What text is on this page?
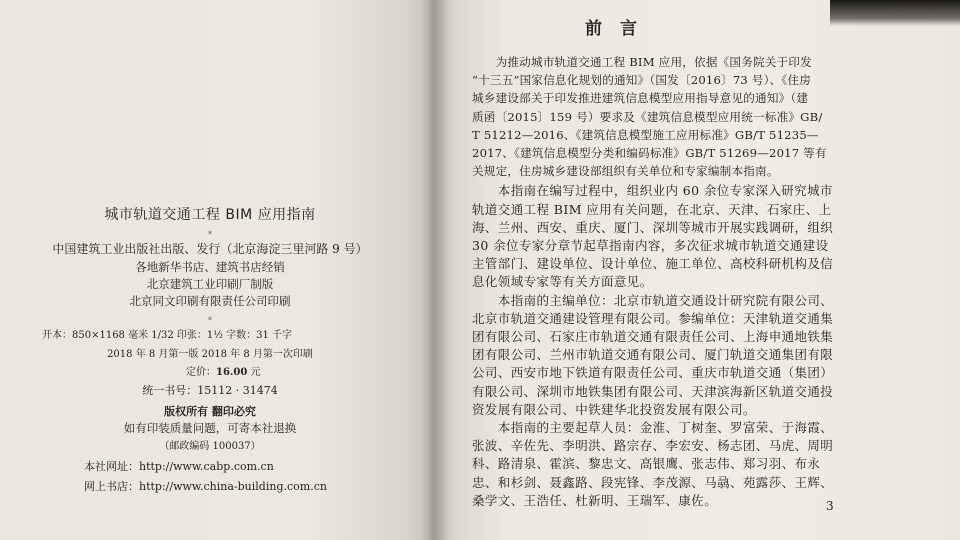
城市轨道交通工程 BIM 应用指南
*
中国建筑工业出版社出版、发行（北京海淀三里河路 9 号）
各地新华书店、建筑书店经销
北京建筑工业印刷厂制版
北京同文印刷有限责任公司印刷
*
开本：850×1168 毫米 1/32 印张：1½ 字数：31 千字
2018 年 8 月第一版 2018 年 8 月第一次印刷
定价：16.00 元
统一书号：15112 · 31474
版权所有 翻印必究
如有印装质量问题，可寄本社退换
（邮政编码 100037）
本社网址：http://www.cabp.com.cn
网上书店：http://www.china-building.com.cn
前言
　　为推动城市轨道交通工程 BIM 应用，依据《国务院关于印发
“十三五”国家信息化规划的通知》（国发〔2016〕73 号）、《住房
城乡建设部关于印发推进建筑信息模型应用指导意见的通知》（建
质函〔2015〕159 号）要求及《建筑信息模型应用统一标准》GB/
T 51212—2016、《建筑信息模型施工应用标准》GB/T 51235—
2017、《建筑信息模型分类和编码标准》GB/T 51269—2017 等有
关规定，住房城乡建设部组织有关单位和专家编制本指南。
　　本指南在编写过程中，组织业内 60 余位专家深入研究城市
轨道交通工程 BIM 应用有关问题，在北京、天津、石家庄、上
海、兰州、西安、重庆、厦门、深圳等城市开展实践调研，组织
30 余位专家分章节起草指南内容，多次征求城市轨道交通建设
主管部门、建设单位、设计单位、施工单位、高校科研机构及信
息化领域专家等有关方面意见。
　　本指南的主编单位：北京市轨道交通设计研究院有限公司、
北京市轨道交通建设管理有限公司。参编单位：天津轨道交通集
团有限公司、石家庄市轨道交通有限责任公司、上海申通地铁集
团有限公司、兰州市轨道交通有限公司、厦门轨道交通集团有限
公司、西安市地下铁道有限责任公司、重庆市轨道交通（集团）
有限公司、深圳市地铁集团有限公司、天津滨海新区轨道交通投
资发展有限公司、中铁建华北投资发展有限公司。
　　本指南的主要起草人员：金淮、丁树奎、罗富荣、于海霞、
张波、辛佐先、李明洪、路宗存、李宏安、杨志团、马虎、周明
科、路清泉、霍滨、黎忠文、高银鹰、张志伟、郑习羽、布永
忠、和杉剑、聂鑫路、段宪锋、李茂源、马骉、苑露莎、王辉、
桑学文、王浩任、杜新明、王瑞军、康佐。	3
